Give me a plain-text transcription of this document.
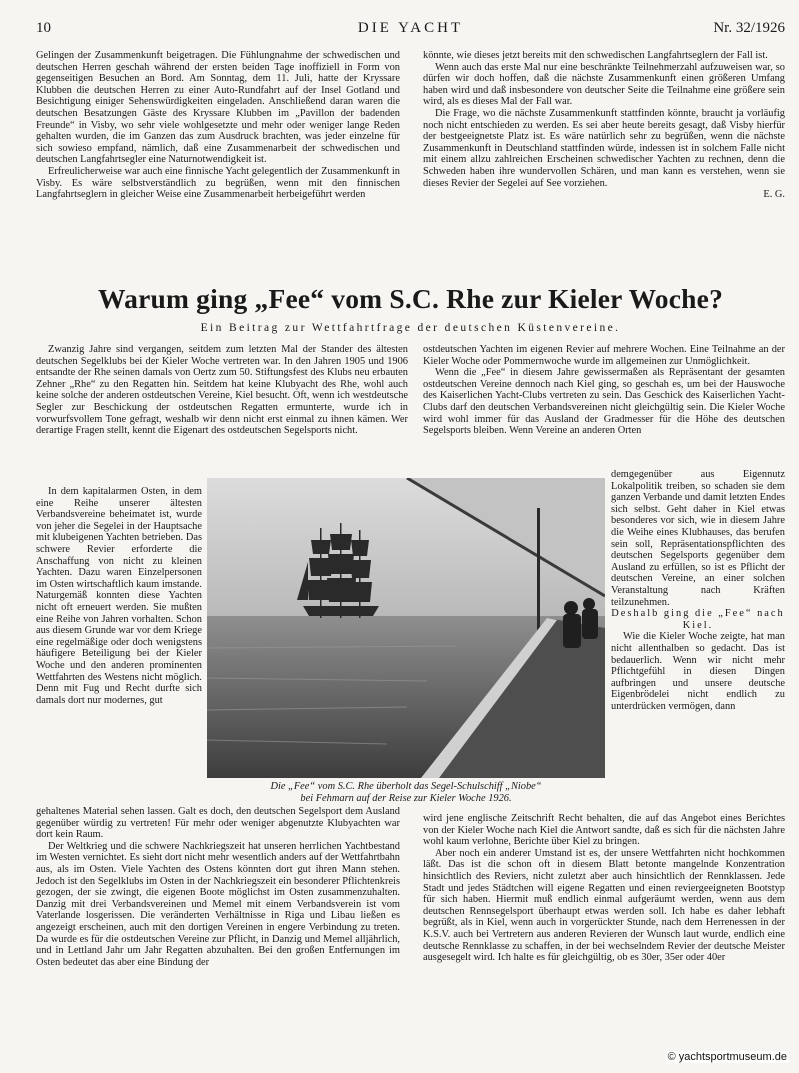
10	DIE YACHT	Nr. 32/1926

Gelingen der Zusammenkunft beigetragen. Die Fühlungnahme der schwedischen und deutschen Herren geschah während der ersten beiden Tage inoffiziell in Form von gegenseitigen Besuchen an Bord. Am Sonntag, dem 11. Juli, hatte der Kryssare Klubben die deutschen Herren zu einer Auto-Rundfahrt auf der Insel Gotland und Besichtigung einiger Sehenswürdigkeiten eingeladen. Anschließend daran waren die deutschen Besatzungen Gäste des Kryssare Klubben im „Pavillon der badenden Freunde“ in Visby, wo sehr viele wohlgesetzte und mehr oder weniger lange Reden gehalten wurden, die im Ganzen das zum Ausdruck brachten, was jeder einzelne für sich sowieso empfand, nämlich, daß eine Zusammenarbeit der schwedischen und deutschen Langfahrtsegler eine Naturnotwendigkeit ist.

Erfreulicherweise war auch eine finnische Yacht gelegentlich der Zusammenkunft in Visby. Es wäre selbstverständlich zu begrüßen, wenn mit den finnischen Langfahrtseglern in gleicher Weise eine Zusammenarbeit herbeigeführt werden

könnte, wie dieses jetzt bereits mit den schwedischen Langfahrtseglern der Fall ist.

Wenn auch das erste Mal nur eine beschränkte Teilnehmerzahl aufzuweisen war, so dürfen wir doch hoffen, daß die nächste Zusammenkunft einen größeren Umfang haben wird und daß insbesondere von deutscher Seite die Teilnahme eine größere sein wird, als es dieses Mal der Fall war.

Die Frage, wo die nächste Zusammenkunft stattfinden könnte, braucht ja vorläufig noch nicht entschieden zu werden. Es sei aber heute bereits gesagt, daß Visby hierfür der bestgeeignetste Platz ist. Es wäre natürlich sehr zu begrüßen, wenn die nächste Zusammenkunft in Deutschland stattfinden würde, indessen ist in solchem Falle nicht mit einem allzu zahlreichen Erscheinen schwedischer Yachten zu rechnen, denn die Schweden haben ihre wundervollen Schären, und man kann es verstehen, wenn sie dieses Revier der Segelei auf See vorziehen.

E. G.
Warum ging „Fee“ vom S.C. Rhe zur Kieler Woche?
Ein Beitrag zur Wettfahrtfrage der deutschen Küstenvereine.

Zwanzig Jahre sind vergangen, seitdem zum letzten Mal der Stander des ältesten deutschen Segelklubs bei der Kieler Woche vertreten war. In den Jahren 1905 und 1906 entsandte der Rhe seinen damals von Oertz zum 50. Stiftungsfest des Klubs neu erbauten Zehner „Rhe“ zu den Regatten hin. Seitdem hat keine Klubyacht des Rhe, wohl auch keine solche der anderen ostdeutschen Vereine, Kiel besucht. Oft, wenn ich westdeutsche Segler zur Beschickung der ostdeutschen Regatten ermunterte, wurde ich in vorwurfsvollem Tone gefragt, weshalb wir denn nicht erst einmal zu ihnen kämen. Wer derartige Fragen stellt, kennt die Eigenart des ostdeutschen Segelsports nicht.

In dem kapitalarmen Osten, in dem eine Reihe unserer ältesten Verbandsvereine beheimatet ist, wurde von jeher die Segelei in der Hauptsache mit klubeigenen Yachten betrieben. Das schwere Revier erforderte die Anschaffung von nicht zu kleinen Yachten. Dazu waren Einzelpersonen im Osten wirtschaftlich kaum imstande. Naturgemäß konnten diese Yachten nicht oft erneuert werden. Sie mußten eine Reihe von Jahren vorhalten. Schon aus diesem Grunde war vor dem Kriege eine regelmäßige oder doch wenigstens häufigere Beteiligung bei der Kieler Woche und den anderen prominenten Wettfahrten des Westens nicht möglich. Denn mit Fug und Recht durfte sich damals dort nur modernes, gut

gehaltenes Material sehen lassen. Galt es doch, den deutschen Segelsport dem Ausland gegenüber würdig zu vertreten! Für mehr oder weniger abgenutzte Klubyachten war dort kein Raum.

Der Weltkrieg und die schwere Nachkriegszeit hat unseren herrlichen Yachtbestand im Westen vernichtet. Es sieht dort nicht mehr wesentlich anders auf der Wettfahrtbahn aus, als im Osten. Viele Yachten des Ostens könnten dort gut ihren Mann stehen. Jedoch ist den Segelklubs im Osten in der Nachkriegszeit ein besonderer Pflichtenkreis gezogen, der sie zwingt, die eigenen Boote möglichst im Osten zusammenzuhalten. Danzig mit drei Verbandsvereinen und Memel mit einem Verbandsverein ist vom Vaterlande losgerissen. Die veränderten Verhältnisse in Riga und Libau ließen es angezeigt erscheinen, auch mit den dortigen Vereinen in engere Verbindung zu treten. Da wurde es für die ostdeutschen Vereine zur Pflicht, in Danzig und Memel alljährlich, und in Lettland Jahr um Jahr Regatten abzuhalten. Bei den großen Entfernungen im Osten bedeutet das aber eine Bindung der

ostdeutschen Yachten im eigenen Revier auf mehrere Wochen. Eine Teilnahme an der Kieler Woche oder Pommernwoche wurde im allgemeinen zur Unmöglichkeit.

Wenn die „Fee“ in diesem Jahre gewissermaßen als Repräsentant der gesamten ostdeutschen Vereine dennoch nach Kiel ging, so geschah es, um bei der Hauswoche des Kaiserlichen Yacht-Clubs vertreten zu sein. Das Geschick des Kaiserlichen Yacht-Clubs darf den deutschen Verbandsvereinen nicht gleichgültig sein. Die Kieler Woche wird wohl immer für das Ausland der Gradmesser für die Höhe des deutschen Segelsports bleiben. Wenn Vereine an anderen Orten

demgegenüber aus Eigennutz Lokalpolitik treiben, so schaden sie dem ganzen Verbande und damit letzten Endes sich selbst. Geht daher in Kiel etwas besonderes vor sich, wie in diesem Jahre die Weihe eines Klubhauses, das berufen sein soll, Repräsentationspflichten des deutschen Segelsports gegenüber dem Ausland zu erfüllen, so ist es Pflicht der deutschen Vereine, an einer solchen Veranstaltung nach Kräften teilzunehmen.

Deshalb ging die „Fee“ nach Kiel.

Wie die Kieler Woche zeigte, hat man nicht allenthalben so gedacht. Das ist bedauerlich. Wenn wir nicht mehr Pflichtgefühl in diesen Dingen aufbringen und unsere deutsche Eigenbrödelei nicht endlich zu unterdrücken vermögen, dann

wird jene englische Zeitschrift Recht behalten, die auf das Angebot eines Berichtes von der Kieler Woche nach Kiel die Antwort sandte, daß es sich für die nächsten Jahre wohl kaum verlohne, Berichte über Kiel zu bringen.

Aber noch ein anderer Umstand ist es, der unsere Wettfahrten nicht hochkommen läßt. Das ist die schon oft in diesem Blatt betonte mangelnde Konzentration hinsichtlich des Reviers, nicht zuletzt aber auch hinsichtlich der Rennklassen. Jede Stadt und jedes Städtchen will eigene Regatten und einen reviergeeigneten Bootstyp für sich haben. Hiermit muß endlich einmal aufgeräumt werden, wenn aus dem deutschen Rennsegelsport überhaupt etwas werden soll. Ich habe es daher lebhaft begrüßt, als in Kiel, wenn auch in vorgerückter Stunde, nach dem Herrenessen in der K.S.V. auch bei Vertretern aus anderen Revieren der Wunsch laut wurde, endlich eine deutsche Rennklasse zu schaffen, in der bei wechselndem Revier der deutsche Meister ausgesegelt wird. Ich halte es für gleichgültig, ob es 30er, 35er oder 40er

Die „Fee“ vom S.C. Rhe überholt das Segel-Schulschiff „Niobe“
bei Fehmarn auf der Reise zur Kieler Woche 1926.
© yachtsportmuseum.de
